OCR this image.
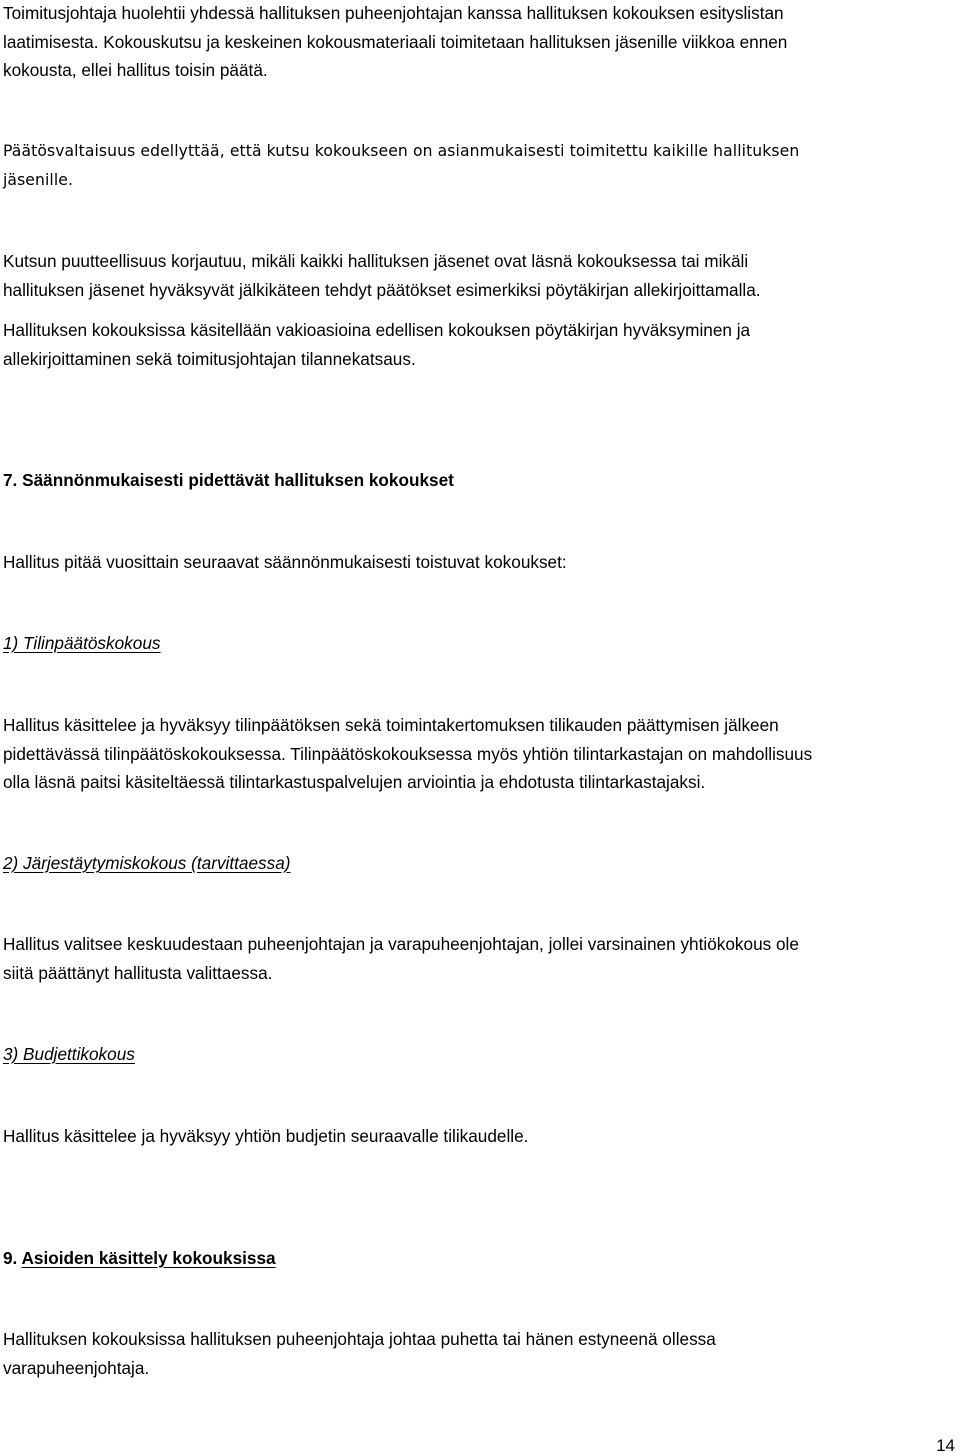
Toimitusjohtaja huolehtii yhdessä hallituksen puheenjohtajan kanssa hallituksen kokouksen esityslistan
laatimisesta. Kokouskutsu ja keskeinen kokousmateriaali toimitetaan hallituksen jäsenille viikkoa ennen
kokousta, ellei hallitus toisin päätä.

Päätösvaltaisuus edellyttää, että kutsu kokoukseen on asianmukaisesti toimitettu kaikille hallituksen
jäsenille.

Kutsun puutteellisuus korjautuu, mikäli kaikki hallituksen jäsenet ovat läsnä kokouksessa tai mikäli
hallituksen jäsenet hyväksyvät jälkikäteen tehdyt päätökset esimerkiksi pöytäkirjan allekirjoittamalla.

Hallituksen kokouksissa käsitellään vakioasioina edellisen kokouksen pöytäkirjan hyväksyminen ja
allekirjoittaminen sekä toimitusjohtajan tilannekatsaus.

7. Säännönmukaisesti pidettävät hallituksen kokoukset

Hallitus pitää vuosittain seuraavat säännönmukaisesti toistuvat kokoukset:

1) Tilinpäätöskokous

Hallitus käsittelee ja hyväksyy tilinpäätöksen sekä toimintakertomuksen tilikauden päättymisen jälkeen
pidettävässä tilinpäätöskokouksessa. Tilinpäätöskokouksessa myös yhtiön tilintarkastajan on mahdollisuus
olla läsnä paitsi käsiteltäessä tilintarkastuspalvelujen arviointia ja ehdotusta tilintarkastajaksi.

2) Järjestäytymiskokous (tarvittaessa)

Hallitus valitsee keskuudestaan puheenjohtajan ja varapuheenjohtajan, jollei varsinainen yhtiökokous ole
siitä päättänyt hallitusta valittaessa.

3) Budjettikokous

Hallitus käsittelee ja hyväksyy yhtiön budjetin seuraavalle tilikaudelle.

9. Asioiden käsittely kokouksissa

Hallituksen kokouksissa hallituksen puheenjohtaja johtaa puhetta tai hänen estyneenä ollessa
varapuheenjohtaja.

14
